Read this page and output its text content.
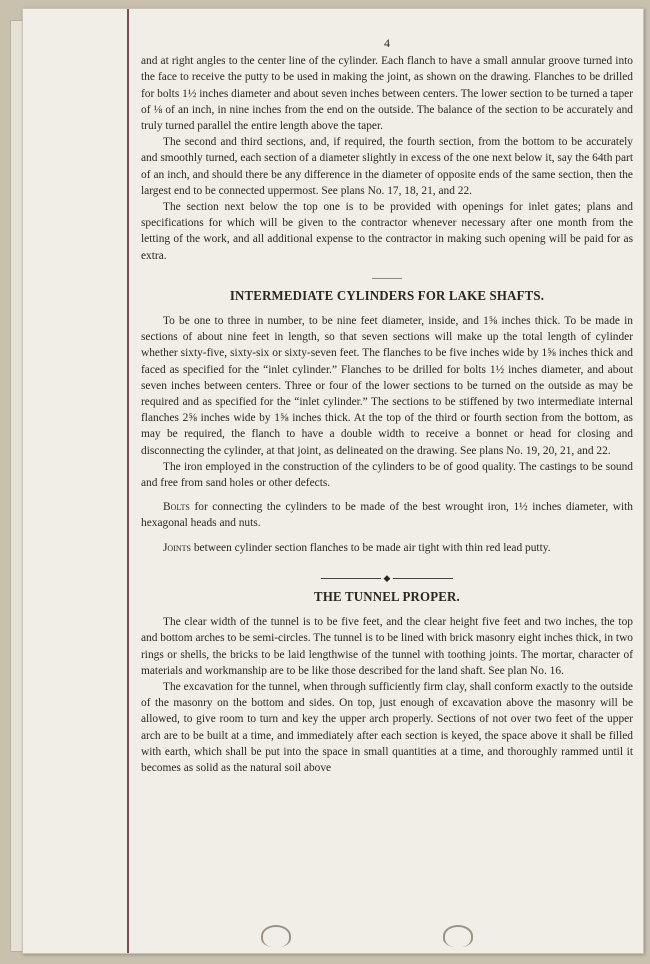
4

and at right angles to the center line of the cylinder. Each flanch to have a small annular groove turned into the face to receive the putty to be used in making the joint, as shown on the drawing. Flanches to be drilled for bolts 1½ inches diameter and about seven inches between centers. The lower section to be turned a taper of ⅛ of an inch, in nine inches from the end on the outside. The balance of the section to be accurately and truly turned parallel the entire length above the taper.

The second and third sections, and, if required, the fourth section, from the bottom to be accurately and smoothly turned, each section of a diameter slightly in excess of the one next below it, say the 64th part of an inch, and should there be any difference in the diameter of opposite ends of the same section, then the largest end to be connected uppermost. See plans No. 17, 18, 21, and 22.

The section next below the top one is to be provided with openings for inlet gates; plans and specifications for which will be given to the contractor whenever necessary after one month from the letting of the work, and all additional expense to the contractor in making such opening will be paid for as extra.

INTERMEDIATE CYLINDERS FOR LAKE SHAFTS.

To be one to three in number, to be nine feet diameter, inside, and 1⅝ inches thick. To be made in sections of about nine feet in length, so that seven sections will make up the total length of cylinder whether sixty-five, sixty-six or sixty-seven feet. The flanches to be five inches wide by 1⅝ inches thick and faced as specified for the “inlet cylinder.” Flanches to be drilled for bolts 1½ inches diameter, and about seven inches between centers. Three or four of the lower sections to be turned on the outside as may be required and as specified for the “inlet cylinder.” The sections to be stiffened by two intermediate internal flanches 2⅝ inches wide by 1⅝ inches thick. At the top of the third or fourth section from the bottom, as may be required, the flanch to have a double width to receive a bonnet or head for closing and disconnecting the cylinder, at that joint, as delineated on the drawing. See plans No. 19, 20, 21, and 22.

The iron employed in the construction of the cylinders to be of good quality. The castings to be sound and free from sand holes or other defects.

Bolts for connecting the cylinders to be made of the best wrought iron, 1½ inches diameter, with hexagonal heads and nuts.

Joints between cylinder section flanches to be made air tight with thin red lead putty.

◆
THE TUNNEL PROPER.

The clear width of the tunnel is to be five feet, and the clear height five feet and two inches, the top and bottom arches to be semi-circles. The tunnel is to be lined with brick masonry eight inches thick, in two rings or shells, the bricks to be laid lengthwise of the tunnel with toothing joints. The mortar, character of materials and workmanship are to be like those described for the land shaft. See plan No. 16.

The excavation for the tunnel, when through sufficiently firm clay, shall conform exactly to the outside of the masonry on the bottom and sides. On top, just enough of excavation above the masonry will be allowed, to give room to turn and key the upper arch properly. Sections of not over two feet of the upper arch are to be built at a time, and immediately after each section is keyed, the space above it shall be filled with earth, which shall be put into the space in small quantities at a time, and thoroughly rammed until it becomes as solid as the natural soil above
